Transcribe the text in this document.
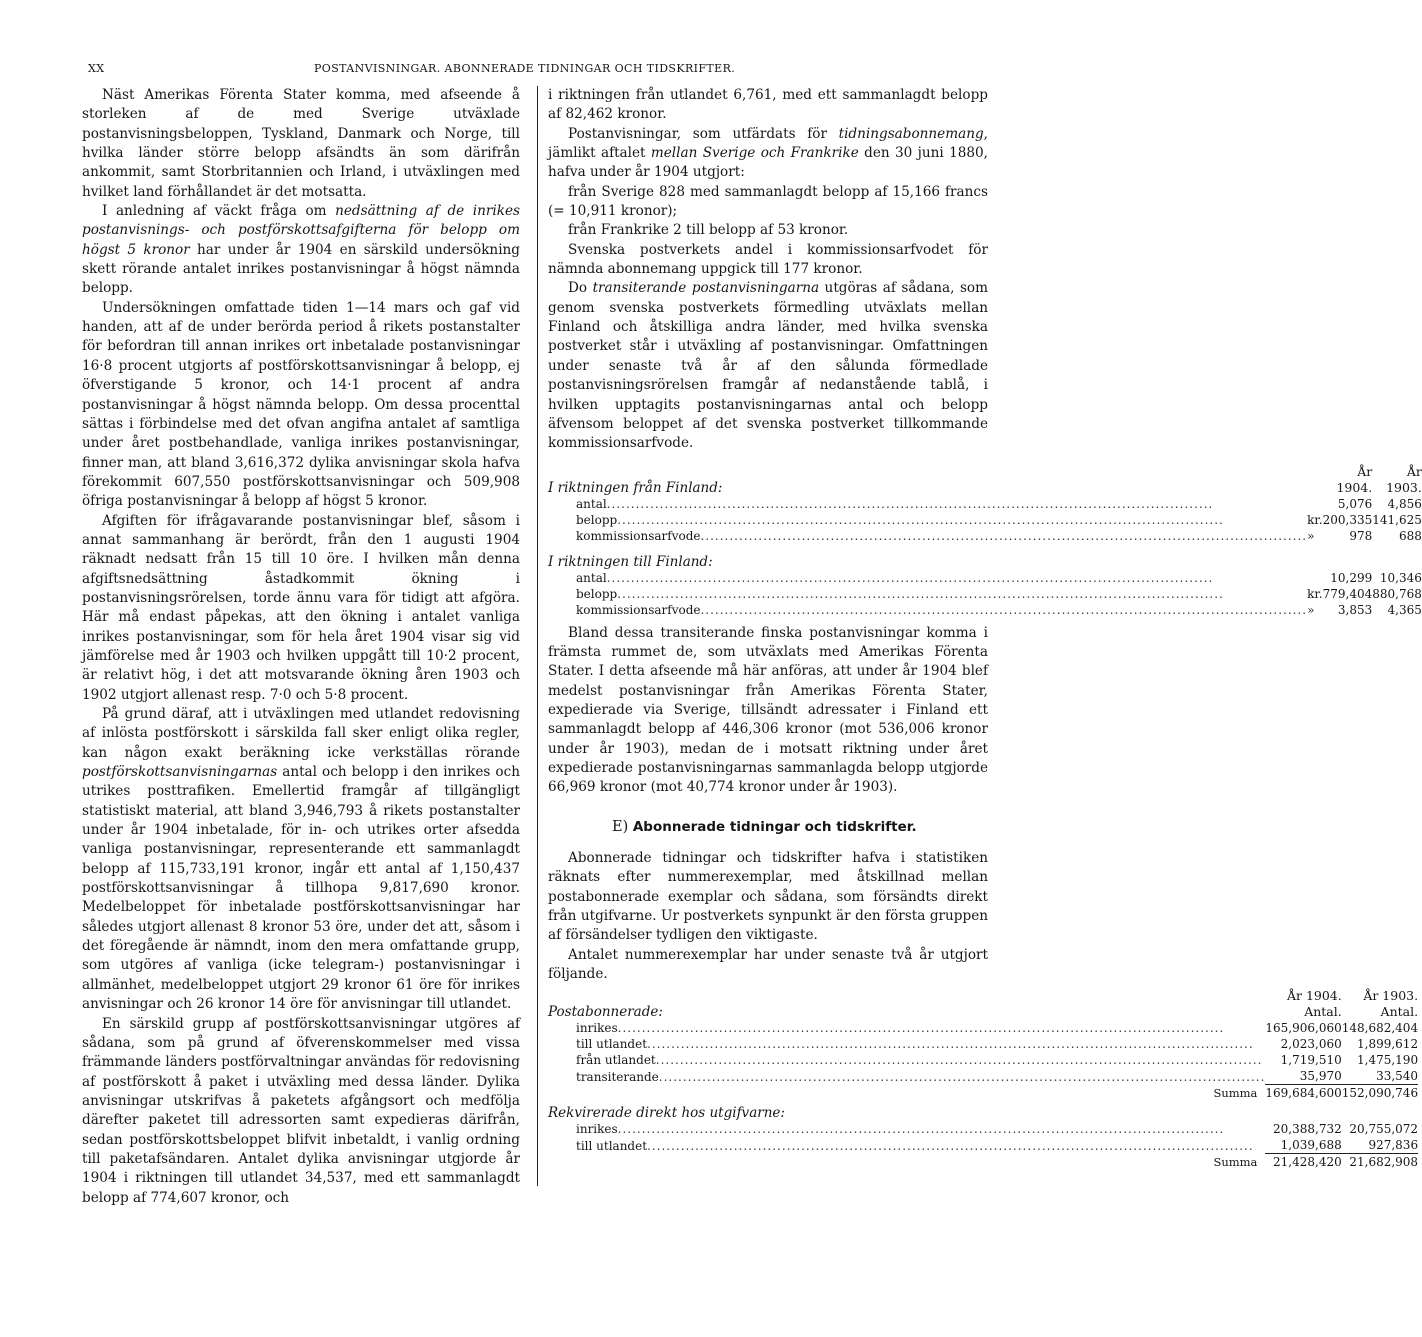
XX	POSTANVISNINGAR. ABONNERADE TIDNINGAR OCH TIDSKRIFTER.

Näst Amerikas Förenta Stater komma, med afseende å storleken af de med Sverige utväxlade postanvisningsbeloppen, Tyskland, Danmark och Norge, till hvilka länder större belopp afsändts än som därifrån ankommit, samt Storbritannien och Irland, i utväxlingen med hvilket land förhållandet är det motsatta.

I anledning af väckt fråga om nedsättning af de inrikes postanvisnings- och postförskottsafgifterna för belopp om högst 5 kronor har under år 1904 en särskild undersökning skett rörande antalet inrikes postanvisningar å högst nämnda belopp.

Undersökningen omfattade tiden 1—14 mars och gaf vid handen, att af de under berörda period å rikets postanstalter för befordran till annan inrikes ort inbetalade postanvisningar 16·8 procent utgjorts af postförskottsanvisningar å belopp, ej öfverstigande 5 kronor, och 14·1 procent af andra postanvisningar å högst nämnda belopp. Om dessa procenttal sättas i förbindelse med det ofvan angifna antalet af samtliga under året postbehandlade, vanliga inrikes postanvisningar, finner man, att bland 3,616,372 dylika anvisningar skola hafva förekommit 607,550 postförskottsanvisningar och 509,908 öfriga postanvisningar å belopp af högst 5 kronor.

Afgiften för ifrågavarande postanvisningar blef, såsom i annat sammanhang är berördt, från den 1 augusti 1904 räknadt nedsatt från 15 till 10 öre. I hvilken mån denna afgiftsnedsättning åstadkommit ökning i postanvisningsrörelsen, torde ännu vara för tidigt att afgöra. Här må endast påpekas, att den ökning i antalet vanliga inrikes postanvisningar, som för hela året 1904 visar sig vid jämförelse med år 1903 och hvilken uppgått till 10·2 procent, är relativt hög, i det att motsvarande ökning åren 1903 och 1902 utgjort allenast resp. 7·0 och 5·8 procent.

På grund däraf, att i utväxlingen med utlandet redovisning af inlösta postförskott i särskilda fall sker enligt olika regler, kan någon exakt beräkning icke verkställas rörande postförskottsanvisningarnas antal och belopp i den inrikes och utrikes posttrafiken. Emellertid framgår af tillgängligt statistiskt material, att bland 3,946,793 å rikets postanstalter under år 1904 inbetalade, för in- och utrikes orter afsedda vanliga postanvisningar, representerande ett sammanlagdt belopp af 115,733,191 kronor, ingår ett antal af 1,150,437 postförskottsanvisningar å tillhopa 9,817,690 kronor. Medelbeloppet för inbetalade postförskottsanvisningar har således utgjort allenast 8 kronor 53 öre, under det att, såsom i det föregående är nämndt, inom den mera omfattande grupp, som utgöres af vanliga (icke telegram-) postanvisningar i allmänhet, medelbeloppet utgjort 29 kronor 61 öre för inrikes anvisningar och 26 kronor 14 öre för anvisningar till utlandet.

En särskild grupp af postförskottsanvisningar utgöres af sådana, som på grund af öfverenskommelser med vissa främmande länders postförvaltningar användas för redovisning af postförskott å paket i utväxling med dessa länder. Dylika anvisningar utskrifvas å paketets afgångsort och medfölja därefter paketet till adressorten samt expedieras därifrån, sedan postförskottsbeloppet blifvit inbetaldt, i vanlig ordning till paketafsändaren. Antalet dylika anvisningar utgjorde år 1904 i riktningen till utlandet 34,537, med ett sammanlagdt belopp af 774,607 kronor, och

i riktningen från utlandet 6,761, med ett sammanlagdt belopp af 82,462 kronor.

Postanvisningar, som utfärdats för tidningsabonnemang, jämlikt aftalet mellan Sverige och Frankrike den 30 juni 1880, hafva under år 1904 utgjort:

från Sverige 828 med sammanlagdt belopp af 15,166 francs (= 10,911 kronor);

från Frankrike 2 till belopp af 53 kronor.

Svenska postverkets andel i kommissionsarfvodet för nämnda abonnemang uppgick till 177 kronor.

Do transiterande postanvisningarna utgöras af sådana, som genom svenska postverkets förmedling utväxlats mellan Finland och åtskilliga andra länder, med hvilka svenska postverket står i utväxling af postanvisningar. Omfattningen under senaste två år af den sålunda förmedlade postanvisningsrörelsen framgår af nedanstående tablå, i hvilken upptagits postanvisningarnas antal och belopp äfvensom beloppet af det svenska postverket tillkommande kommissionsarfvode.

I riktningen från Finland:		År 1904.	År 1903.

antal .....		5,076	4,856

belopp .....	kr.	200,335	141,625

kommissionsarfvode .....	»	978	688

I riktningen till Finland:			

antal .....		10,299	10,346

belopp .....	kr.	779,404	880,768

kommissionsarfvode .....	»	3,853	4,365

Bland dessa transiterande finska postanvisningar komma i främsta rummet de, som utväxlats med Amerikas Förenta Stater. I detta afseende må här anföras, att under år 1904 blef medelst postanvisningar från Amerikas Förenta Stater, expedierade via Sverige, tillsändt adressater i Finland ett sammanlagdt belopp af 446,306 kronor (mot 536,006 kronor under år 1903), medan de i motsatt riktning under året expedierade postanvisningarnas sammanlagda belopp utgjorde 66,969 kronor (mot 40,774 kronor under år 1903).

E) Abonnerade tidningar och tidskrifter.

Abonnerade tidningar och tidskrifter hafva i statistiken räknats efter nummerexemplar, med åtskillnad mellan postabonnerade exemplar och sådana, som försändts direkt från utgifvarne. Ur postverkets synpunkt är den första gruppen af försändelser tydligen den viktigaste.

Antalet nummerexemplar har under senaste två år utgjort följande.

	År 1904.	År 1903.
Postabonnerade:	Antal.	Antal.

inrikes .....	165,906,060	148,682,404

till utlandet .....	2,023,060	1,899,612

från utlandet .....	1,719,510	1,475,190

transiterande .....	35,970	33,540
Summa	169,684,600	152,090,746
Rekvirerade direkt hos utgifvarne:		

inrikes .....	20,388,732	20,755,072

till utlandet .....	1,039,688	927,836
Summa	21,428,420	21,682,908
